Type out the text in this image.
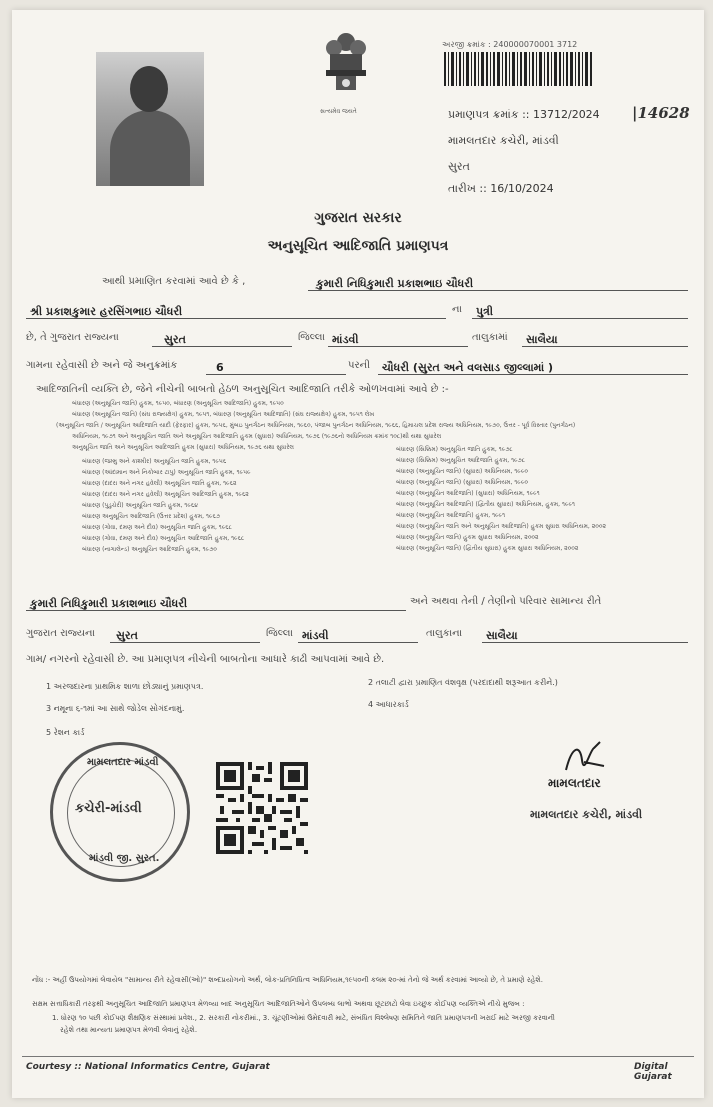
સત્યમેવ જયતે
અરજી ક્રમાંક : 240000070001 3712
પ્રમાણપત્ર ક્રમાંક :: 13712/2024 |14628
મામલતદાર કચેરી, માંડવી
સુરત
તારીખ :: 16/10/2024
ગુજરાત સરકાર
અનુસૂચિત આદિજાતિ પ્રમાણપત્ર
આથી પ્રમાણિત કરવામાં આવે છે કે ,	કુમારી નિધિકુમારી પ્રકાશભાઇ ચૌધરી
શ્રી પ્રકાશકુમાર હરસિંગભાઇ ચૌધરી	ના	પુત્રી
છે, તે ગુજરાત રાજ્યના	સુરત	જિલ્લા માંડવી	તાલુકામાં	સાલૈયા
ગામના રહેવાસી છે અને જે અનુક્રમાંક	6	પરની	ચૌધરી (સુરત અને વલસાડ જીલ્લામાં )
આદિજાતિની વ્યક્તિ છે, જેને નીચેની બાબતો હેઠળ અનુસૂચિત આદિજાતિ તરીકે ઓળખવામાં આવે છે :-
બંધારણ (અનુસૂચિત જાતિ) હુકમ, ૧૯૫૦, બંધારણ (અનુસૂચિત આદિજાતિ) હુકમ, ૧૯૫૦
બંધારણ (અનુસૂચિત જાતિ) (સંઘ રાજ્યક્ષેત્ર) હુકમ, ૧૯૫૧, બંધારણ (અનુસૂચિત આદિજાતિ) (સંઘ રાજ્યક્ષેત્ર) હુકમ, ૧૯૫૧ લેખ
(અનુસૂચિત જાતિ / અનુસૂચિત આદિજાતિ યાદી (ફેરફાર) હુકમ, ૧૯૫૬, મુંબઇ પુનર્ગઠન અધિનિયમ, ૧૯૬૦, પંજાબ પુનર્ગઠન અધિનિયમ, ૧૯૬૬, હિમાચલ પ્રદેશ રાજ્ય અધિનિયમ, ૧૯૭૦, ઉત્તર - પૂર્વ વિસ્તાર (પુનર્ગઠન)
અધિનિયમ, ૧૯૭૧ અને અનુસૂચિત જાતિ અને અનુસૂચિત આદિજાતિ હુકમ (સુધારા) અધિનિયમ, ૧૯૭૬ (૧૯૭૬નો અધિનિયમ ક્રમાંક ૧૦૮)થી યથા સુધારેલ
અનુસૂચિત જાતિ અને અનુસૂચિત આદિજાતિ હુકમ (સુધારા) અધિનિયમ, ૧૯૭૬ યથા સુધારેલ
બંધારણ (જમ્મુ અને કાશ્મીર) અનુસૂચિત જાતિ હુકમ, ૧૯૫૬
બંધારણ (આંદામાન અને નિકોબાર ટાપુ) અનુસૂચિત જાતિ હુકમ, ૧૯૫૯
બંધારણ (દાદરા અને નગર હવેલી) અનુસૂચિત જાતિ હુકમ, ૧૯૬૨
બંધારણ (દાદરા અને નગર હવેલી) અનુસૂચિત આદિજાતિ હુકમ, ૧૯૬૨
બંધારણ (પુડુચેરી) અનુસૂચિત જાતિ હુકમ, ૧૯૬૪
બંધારણ અનુસૂચિત આદિજાતિ (ઉત્તર પ્રદેશ) હુકમ, ૧૯૬૭
બંધારણ (ગોવા, દમણ અને દીવ) અનુસૂચિત જાતિ હુકમ, ૧૯૬૮
બંધારણ (ગોવા, દમણ અને દીવ) અનુસૂચિત આદિજાતિ હુકમ, ૧૯૬૮
બંધારણ (નાગાલેન્ડ) અનુસૂચિત આદિજાતિ હુકમ, ૧૯૭૦
બંધારણ (સિક્કિમ) અનુસૂચિત જાતિ હુકમ, ૧૯૭૮
બંધારણ (સિક્કિમ) અનુસૂચિત આદિજાતિ હુકમ, ૧૯૭૮
બંધારણ (અનુસૂચિત જાતિ) (સુધારા) અધિનિયમ, ૧૯૯૦
બંધારણ (અનુસૂચિત જાતિ) (સુધારા) અધિનિયમ, ૧૯૯૦
બંધારણ (અનુસૂચિત આદિજાતિ) (સુધારા) અધિનિયમ, ૧૯૯૧
બંધારણ (અનુસૂચિત આદિજાતિ) (દ્વિતીય સુધારા) અધિનિયમ, હુકમ, ૧૯૯૧
બંધારણ (અનુસૂચિત આદિજાતિ) હુકમ, ૧૯૯૧
બંધારણ (અનુસૂચિત જાતિ અને અનુસૂચિત આદિજાતિ) હુકમ સુધારા અધિનિયમ, ૨૦૦૨
બંધારણ (અનુસૂચિત જાતિ) હુકમ સુધારા અધિનિયમ, ૨૦૦૨
બંધારણ (અનુસૂચિત જાતિ) (દ્વિતીય સુધારા) હુકમ સુધારા અધિનિયમ, ૨૦૦૨
કુમારી નિધિકુમારી પ્રકાશભાઇ ચૌધરી	અને અથવા તેની / તેણીનો પરિવાર સામાન્ય રીતે
ગુજરાત રાજ્યના	સુરત	જિલ્લા માંડવી	તાલુકાના	સાલૈયા
ગામ/ નગરનો રહેવાસી છે. આ પ્રમાણપત્ર નીચેની બાબતોના આધારે કાઢી આપવામાં આવે છે.
1 અરજદારના પ્રાથમિક શાળા છોડ્યાનું પ્રમાણપત્ર.	2 તલાટી દ્વારા પ્રમાણિત વંશવૃક્ષ (પરદાદાથી શરૂઆત કરીને.)
3 નમૂના ૬-૧માં આ સાથે જોડેલ સોગંદનામું.	4 આધારકાર્ડ
5 રેશન કાર્ડ
મામલતદાર માંડવી
કચેરી-માંડવી
માંડવી જી. સુરત.
મામલતદાર
મામલતદાર કચેરી, માંડવી
નોંધ :- અહીં ઉપયોગમાં લેવાયેલ "સામાન્ય રીતે રહેવાસી(ઓ)" શબ્દપ્રયોગનો અર્થ, લોક-પ્રતિનિધિત્વ અધિનિયમ,૧૯૫૦ની કલમ ૨૦-માં તેનો જે અર્થ કરવામાં આવ્યો છે, તે પ્રમાણે રહેશે.
સક્ષમ સત્તાધિકારી તરફથી અનુસૂચિત આદિજાતિ પ્રમાણપત્ર મેળવ્યા બાદ અનુસૂચિત આદિજાતિઓને ઉપલબ્ધ લાભો અથવા છૂટછાટો લેવા ઇચ્છુક કોઈપણ વ્યક્તિએ નીચે મુજબ :
1. ધોરણ ૧૦ પછી કોઈપણ શૈક્ષણિક સંસ્થામાં પ્રવેશ., 2. સરકારી નોકરીમાં., 3. ચૂંટણીઓમાં ઉમેદવારી માટે, સંબંધિત વિશ્લેષણ સમિતિને જાતિ પ્રમાણપત્રની ખરાઈ માટે અરજી કરવાની
રહેશે તથા માન્યતા પ્રમાણપત્ર મેળવી લેવાનું રહેશે.
Courtesy :: National Informatics Centre, Gujarat	Digital Gujarat
